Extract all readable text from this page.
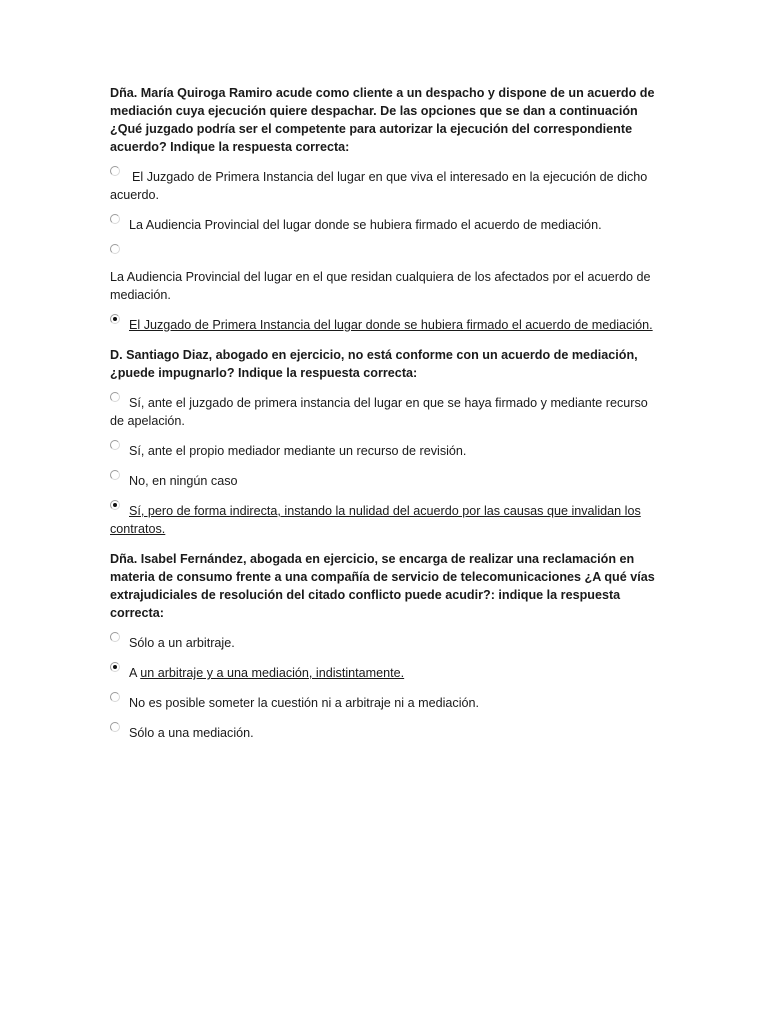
Dña. María Quiroga Ramiro acude como cliente a un despacho y dispone de un acuerdo de mediación cuya ejecución quiere despachar. De las opciones que se dan a continuación ¿Qué juzgado podría ser el competente para autorizar la ejecución del correspondiente acuerdo? Indique la respuesta correcta:
El Juzgado de Primera Instancia del lugar en que viva el interesado en la ejecución de dicho acuerdo.
La Audiencia Provincial del lugar donde se hubiera firmado el acuerdo de mediación.
La Audiencia Provincial del lugar en el que residan cualquiera de los afectados por el acuerdo de mediación.
El Juzgado de Primera Instancia del lugar donde se hubiera firmado el acuerdo de mediación.
D. Santiago Diaz, abogado en ejercicio, no está conforme con un acuerdo de mediación, ¿puede impugnarlo? Indique la respuesta correcta:
Sí, ante el juzgado de primera instancia del lugar en que se haya firmado y mediante recurso de apelación.
Sí, ante el propio mediador mediante un recurso de revisión.
No, en ningún caso
Sí, pero de forma indirecta, instando la nulidad del acuerdo por las causas que invalidan los contratos.
Dña. Isabel Fernández, abogada en ejercicio, se encarga de realizar una reclamación en materia de consumo frente a una compañía de servicio de telecomunicaciones ¿A qué vías extrajudiciales de resolución del citado conflicto puede acudir?: indique la respuesta correcta:
Sólo a un arbitraje.
A un arbitraje y a una mediación, indistintamente.
No es posible someter la cuestión ni a arbitraje ni a mediación.
Sólo a una mediación.
